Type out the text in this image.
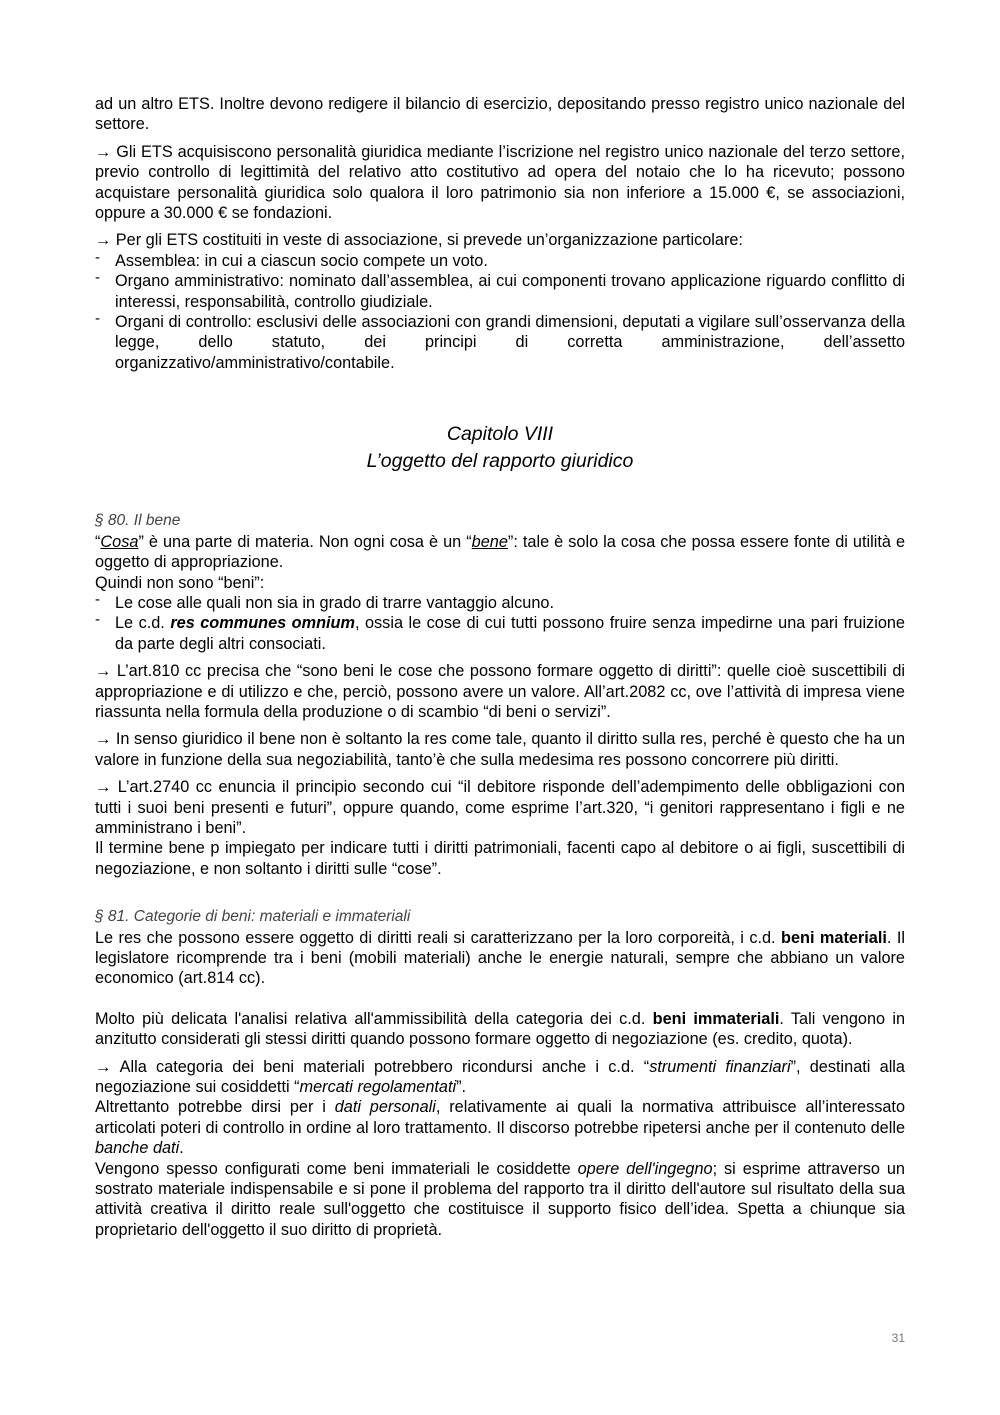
ad un altro ETS. Inoltre devono redigere il bilancio di esercizio, depositando presso registro unico nazionale del settore.

→ Gli ETS acquisiscono personalità giuridica mediante l’iscrizione nel registro unico nazionale del terzo settore, previo controllo di legittimità del relativo atto costitutivo ad opera del notaio che lo ha ricevuto; possono acquistare personalità giuridica solo qualora il loro patrimonio sia non inferiore a 15.000 €, se associazioni, oppure a 30.000 € se fondazioni.

→ Per gli ETS costituiti in veste di associazione, si prevede un’organizzazione particolare:

- Assemblea: in cui a ciascun socio compete un voto.
- Organo amministrativo: nominato dall’assemblea, ai cui componenti trovano applicazione riguardo conflitto di interessi, responsabilità, controllo giudiziale.
- Organi di controllo: esclusivi delle associazioni con grandi dimensioni, deputati a vigilare sull’osservanza della legge, dello statuto, dei principi di corretta amministrazione, dell’assetto organizzativo/amministrativo/contabile.
Capitolo VIII
L’oggetto del rapporto giuridico
§ 80. Il bene

“Cosa” è una parte di materia. Non ogni cosa è un “bene”: tale è solo la cosa che possa essere fonte di utilità e oggetto di appropriazione.

Quindi non sono “beni”:

- Le cose alle quali non sia in grado di trarre vantaggio alcuno.
- Le c.d. res communes omnium, ossia le cose di cui tutti possono fruire senza impedirne una pari fruizione da parte degli altri consociati.

→ L’art.810 cc precisa che “sono beni le cose che possono formare oggetto di diritti”: quelle cioè suscettibili di appropriazione e di utilizzo e che, perciò, possono avere un valore. All’art.2082 cc, ove l’attività di impresa viene riassunta nella formula della produzione o di scambio “di beni o servizi”.

→ In senso giuridico il bene non è soltanto la res come tale, quanto il diritto sulla res, perché è questo che ha un valore in funzione della sua negoziabilità, tanto’è che sulla medesima res possono concorrere più diritti.

→ L’art.2740 cc enuncia il principio secondo cui “il debitore risponde dell’adempimento delle obbligazioni con tutti i suoi beni presenti e futuri”, oppure quando, come esprime l’art.320, “i genitori rappresentano i figli e ne amministrano i beni”.

Il termine bene p impiegato per indicare tutti i diritti patrimoniali, facenti capo al debitore o ai figli, suscettibili di negoziazione, e non soltanto i diritti sulle “cose”.

§ 81. Categorie di beni: materiali e immateriali

Le res che possono essere oggetto di diritti reali si caratterizzano per la loro corporeità, i c.d. beni materiali. Il legislatore ricomprende tra i beni (mobili materiali) anche le energie naturali, sempre che abbiano un valore economico (art.814 cc).

Molto più delicata l'analisi relativa all'ammissibilità della categoria dei c.d. beni immateriali. Tali vengono in anzitutto considerati gli stessi diritti quando possono formare oggetto di negoziazione (es. credito, quota).

→ Alla categoria dei beni materiali potrebbero ricondursi anche i c.d. “strumenti finanziari”, destinati alla negoziazione sui cosiddetti “mercati regolamentati”.

Altrettanto potrebbe dirsi per i dati personali, relativamente ai quali la normativa attribuisce all’interessato articolati poteri di controllo in ordine al loro trattamento. Il discorso potrebbe ripetersi anche per il contenuto delle banche dati.

Vengono spesso configurati come beni immateriali le cosiddette opere dell'ingegno; si esprime attraverso un sostrato materiale indispensabile e si pone il problema del rapporto tra il diritto dell'autore sul risultato della sua attività creativa il diritto reale sull'oggetto che costituisce il supporto fisico dell’idea. Spetta a chiunque sia proprietario dell'oggetto il suo diritto di proprietà.

31
